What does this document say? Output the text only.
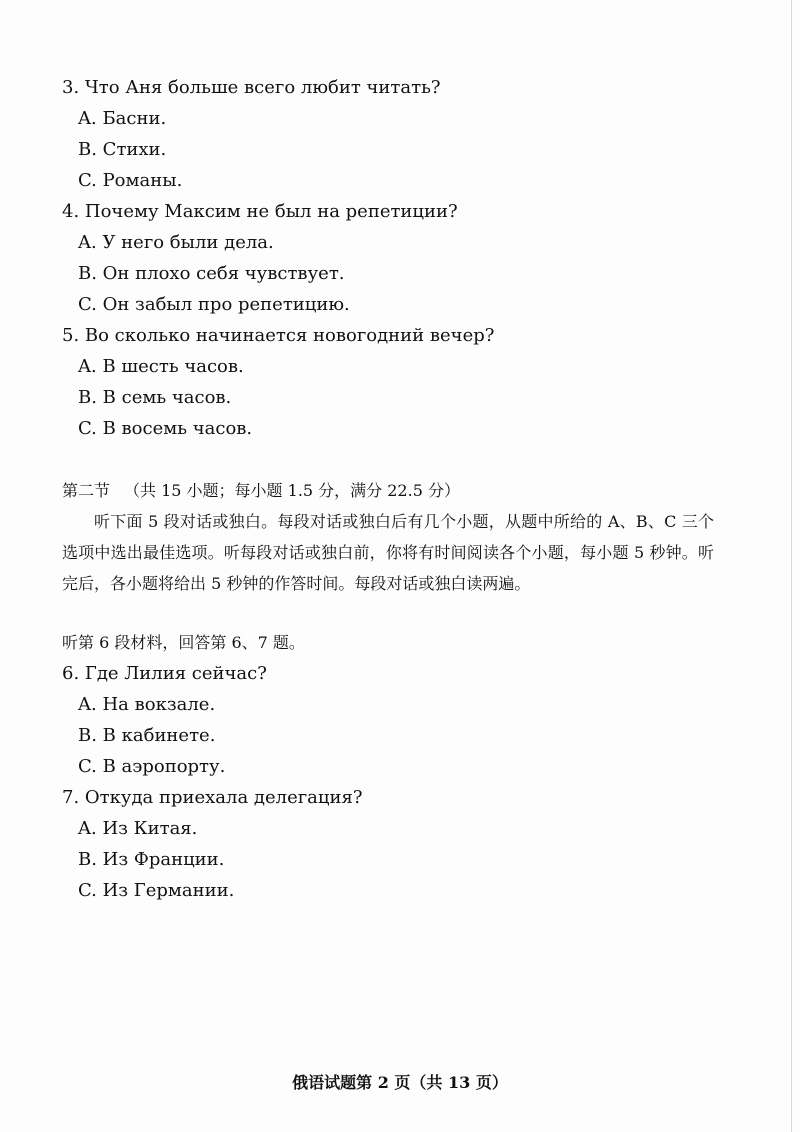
3. Что Аня больше всего любит читать?
A. Басни.
B. Стихи.
C. Романы.
4. Почему Максим не был на репетиции?
A. У него были дела.
B. Он плохо себя чувствует.
C. Он забыл про репетицию.
5. Во сколько начинается новогодний вечер?
A. В шесть часов.
B. В семь часов.
C. В восемь часов.
第二节 （共 15 小题；每小题 1.5 分，满分 22.5 分）
听下面 5 段对话或独白。每段对话或独白后有几个小题，从题中所给的 A、B、C 三个选项中选出最佳选项。听每段对话或独白前，你将有时间阅读各个小题，每小题 5 秒钟。听完后，各小题将给出 5 秒钟的作答时间。每段对话或独白读两遍。
听第 6 段材料，回答第 6、7 题。
6. Где Лилия сейчас?
A. На вокзале.
B. В кабинете.
C. В аэропорту.
7. Откуда приехала делегация?
A. Из Китая.
B. Из Франции.
C. Из Германии.
俄语试题第 2 页（共 13 页）
